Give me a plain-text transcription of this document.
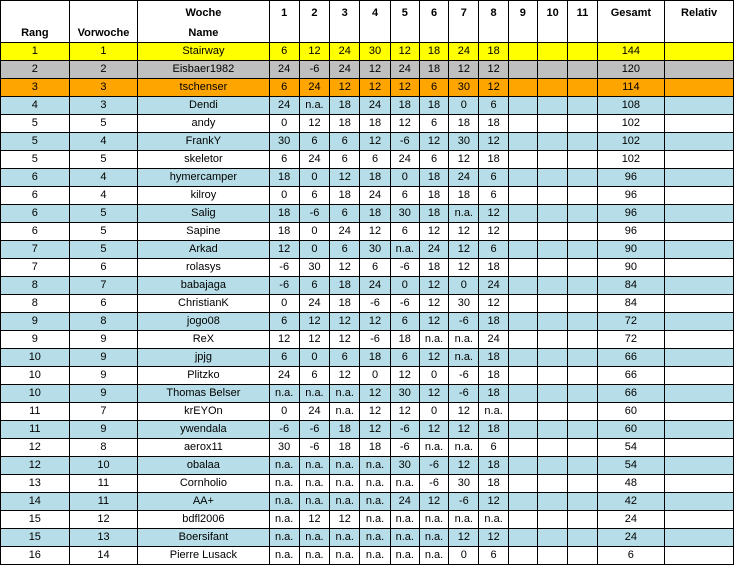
		Woche	1	2	3	4	5	6	7	8	9	10	11	Gesamt	Relativ
Rang	Vorwoche	Name													
1	1	Stairway	6	12	24	30	12	18	24	18				144	
2	2	Eisbaer1982	24	-6	24	12	24	18	12	12				120	
3	3	tschenser	6	24	12	12	12	6	30	12				114	
4	3	Dendi	24	n.a.	18	24	18	18	0	6				108	
5	5	andy	0	12	18	18	12	6	18	18				102	
5	4	FrankY	30	6	6	12	-6	12	30	12				102	
5	5	skeletor	6	24	6	6	24	6	12	18				102	
6	4	hymercamper	18	0	12	18	0	18	24	6				96	
6	4	kilroy	0	6	18	24	6	18	18	6				96	
6	5	Salig	18	-6	6	18	30	18	n.a.	12				96	
6	5	Sapine	18	0	24	12	6	12	12	12				96	
7	5	Arkad	12	0	6	30	n.a.	24	12	6				90	
7	6	rolasys	-6	30	12	6	-6	18	12	18				90	
8	7	babajaga	-6	6	18	24	0	12	0	24				84	
8	6	ChristianK	0	24	18	-6	-6	12	30	12				84	
9	8	jogo08	6	12	12	12	6	12	-6	18				72	
9	9	ReX	12	12	12	-6	18	n.a.	n.a.	24				72	
10	9	jpjg	6	0	6	18	6	12	n.a.	18				66	
10	9	Plitzko	24	6	12	0	12	0	-6	18				66	
10	9	Thomas Belser	n.a.	n.a.	n.a.	12	30	12	-6	18				66	
11	7	krEYOn	0	24	n.a.	12	12	0	12	n.a.				60	
11	9	ywendala	-6	-6	18	12	-6	12	12	18				60	
12	8	aerox11	30	-6	18	18	-6	n.a.	n.a.	6				54	
12	10	obalaa	n.a.	n.a.	n.a.	n.a.	30	-6	12	18				54	
13	11	Cornholio	n.a.	n.a.	n.a.	n.a.	n.a.	-6	30	18				48	
14	11	AA+	n.a.	n.a.	n.a.	n.a.	24	12	-6	12				42	
15	12	bdfl2006	n.a.	12	12	n.a.	n.a.	n.a.	n.a.	n.a.				24	
15	13	Boersifant	n.a.	n.a.	n.a.	n.a.	n.a.	n.a.	12	12				24	
16	14	Pierre Lusack	n.a.	n.a.	n.a.	n.a.	n.a.	n.a.	0	6				6	
